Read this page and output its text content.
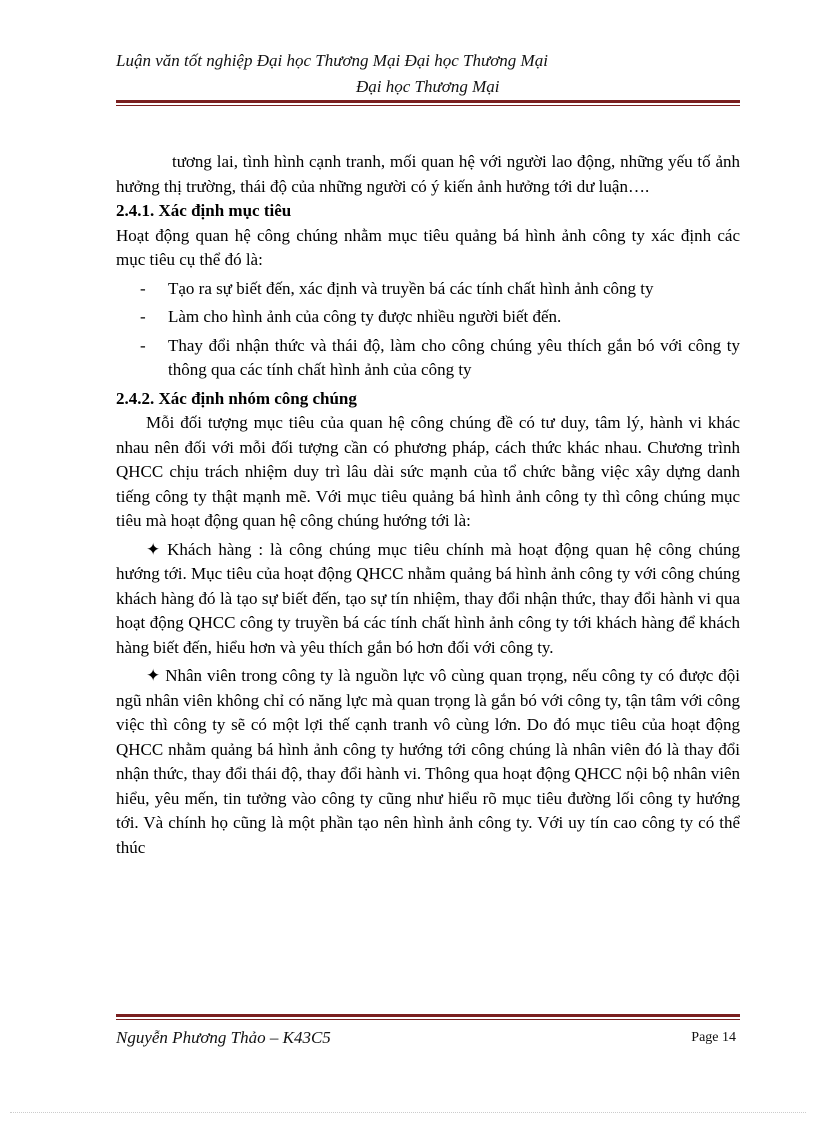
Luận văn tốt nghiệp Đại học Thương Mại Đại học Thương Mại
Đại học Thương Mại

tương lai, tình hình cạnh tranh, mối quan hệ với người lao động, những yếu tố ảnh hưởng thị trường, thái độ của những người có ý kiến ảnh hưởng tới dư luận….

2.4.1. Xác định mục tiêu

Hoạt động quan hệ công chúng nhằm mục tiêu quảng bá hình ảnh công ty xác định các mục tiêu cụ thể đó là:

- Tạo ra sự biết đến, xác định và truyền bá các tính chất hình ảnh công ty
- Làm cho hình ảnh của công ty được nhiều người biết đến.
- Thay đổi nhận thức và thái độ, làm cho công chúng yêu thích gắn bó với công ty thông qua các tính chất hình ảnh của công ty

2.4.2. Xác định nhóm công chúng

Mỗi đối tượng mục tiêu của quan hệ công chúng đề có tư duy, tâm lý, hành vi khác nhau nên đối với mỗi đối tượng cần có phương pháp, cách thức khác nhau. Chương trình QHCC chịu trách nhiệm duy trì lâu dài sức mạnh của tổ chức bằng việc xây dựng danh tiếng công ty thật mạnh mẽ. Với mục tiêu quảng bá hình ảnh công ty thì công chúng mục tiêu mà hoạt động quan hệ công chúng hướng tới là:

✦ Khách hàng : là công chúng mục tiêu chính mà hoạt động quan hệ công chúng hướng tới. Mục tiêu của hoạt động QHCC nhằm quảng bá hình ảnh công ty với công chúng khách hàng đó là tạo sự biết đến, tạo sự tín nhiệm, thay đổi nhận thức, thay đổi hành vi qua hoạt động QHCC công ty truyền bá các tính chất hình ảnh công ty tới khách hàng để khách hàng biết đến, hiểu hơn và yêu thích gắn bó hơn đối với công ty.

✦ Nhân viên trong công ty là nguồn lực vô cùng quan trọng, nếu công ty có được đội ngũ nhân viên không chỉ có năng lực mà quan trọng là gắn bó với công ty, tận tâm với công việc thì công ty sẽ có một lợi thế cạnh tranh vô cùng lớn. Do đó mục tiêu của hoạt động QHCC nhằm quảng bá hình ảnh công ty hướng tới công chúng là nhân viên đó là thay đổi nhận thức, thay đổi thái độ, thay đổi hành vi. Thông qua hoạt động QHCC nội bộ nhân viên hiểu, yêu mến, tin tưởng vào công ty cũng như hiểu rõ mục tiêu đường lối công ty hướng tới. Và chính họ cũng là một phần tạo nên hình ảnh công ty. Với uy tín cao công ty có thể thúc

Nguyễn Phương Thảo – K43C5	Page 14
